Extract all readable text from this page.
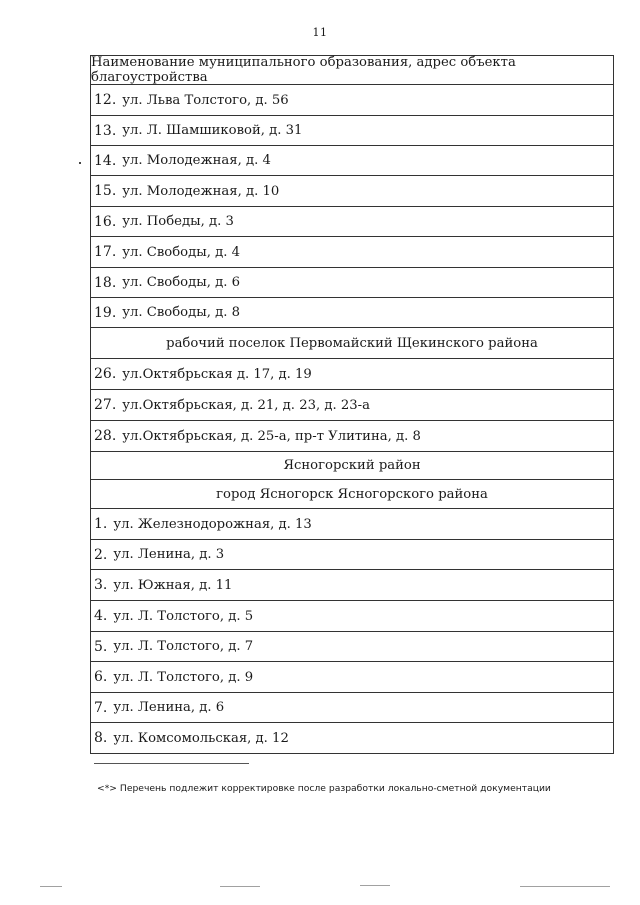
11
Наименование муниципального образования, адрес объекта благоустройства
12. ул. Льва Толстого, д. 56
13. ул. Л. Шамшиковой, д. 31
14. ул. Молодежная, д. 4
15. ул. Молодежная, д. 10
16. ул. Победы, д. 3
17. ул. Свободы, д. 4
18. ул. Свободы, д. 6
19. ул. Свободы, д. 8
рабочий поселок Первомайский Щекинского района
26. ул.Октябрьская д. 17, д. 19
27. ул.Октябрьская, д. 21, д. 23, д. 23-а
28. ул.Октябрьская, д. 25-а, пр-т Улитина, д. 8
Ясногорский район
город Ясногорск Ясногорского района
1. ул. Железнодорожная, д. 13
2. ул. Ленина, д. 3
3. ул. Южная, д. 11
4. ул. Л. Толстого, д. 5
5. ул. Л. Толстого, д. 7
6. ул. Л. Толстого, д. 9
7. ул. Ленина, д. 6
8. ул. Комсомольская, д. 12
<*> Перечень подлежит корректировке после разработки локально-сметной документации
